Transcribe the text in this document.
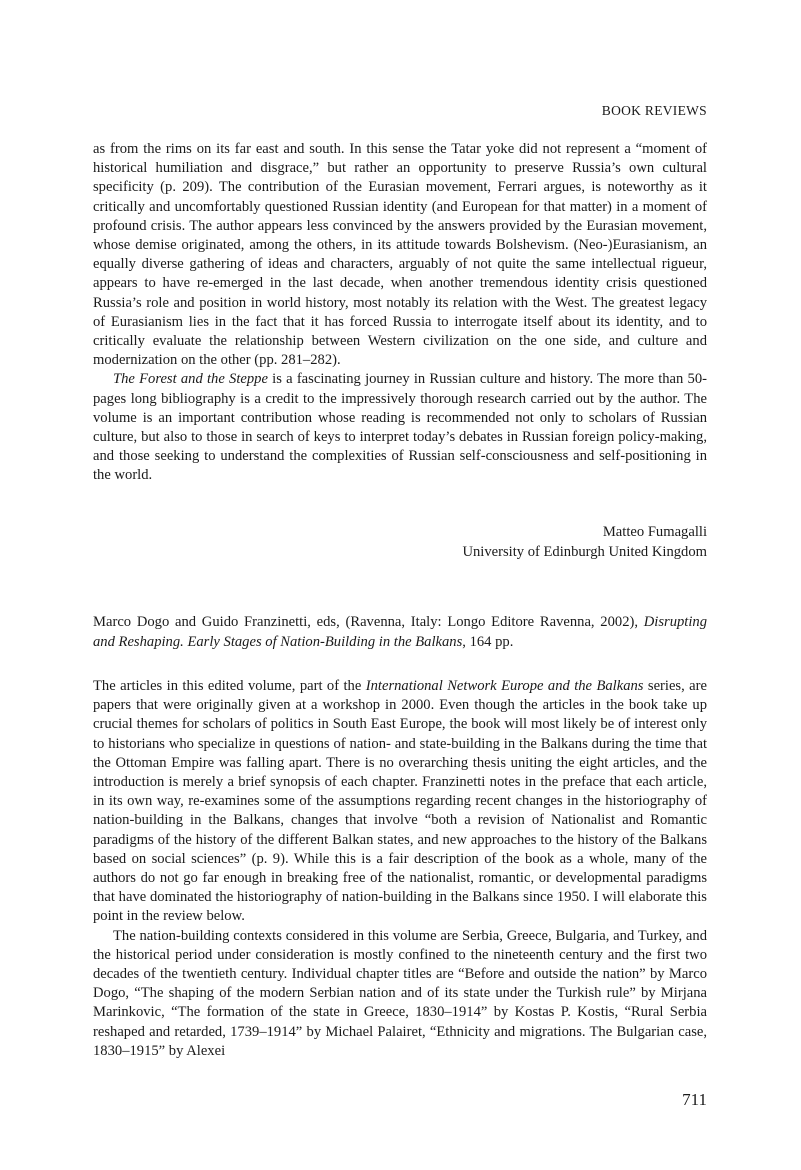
BOOK REVIEWS

as from the rims on its far east and south. In this sense the Tatar yoke did not represent a “moment of historical humiliation and disgrace,” but rather an opportunity to preserve Russia’s own cultural specificity (p. 209). The contribution of the Eurasian movement, Ferrari argues, is noteworthy as it critically and uncomfortably questioned Russian identity (and European for that matter) in a moment of profound crisis. The author appears less convinced by the answers provided by the Eurasian movement, whose demise originated, among the others, in its attitude towards Bolshevism. (Neo-)Eurasianism, an equally diverse gathering of ideas and characters, arguably of not quite the same intellectual rigueur, appears to have re-emerged in the last decade, when another tremendous identity crisis questioned Russia’s role and position in world history, most notably its relation with the West. The greatest legacy of Eurasianism lies in the fact that it has forced Russia to interrogate itself about its identity, and to critically evaluate the relationship between Western civilization on the one side, and culture and modernization on the other (pp. 281–282).

The Forest and the Steppe is a fascinating journey in Russian culture and history. The more than 50-pages long bibliography is a credit to the impressively thorough research carried out by the author. The volume is an important contribution whose reading is recommended not only to scholars of Russian culture, but also to those in search of keys to interpret today’s debates in Russian foreign policy-making, and those seeking to understand the complexities of Russian self-consciousness and self-positioning in the world.

Matteo Fumagalli
University of Edinburgh United Kingdom
Marco Dogo and Guido Franzinetti, eds, (Ravenna, Italy: Longo Editore Ravenna, 2002), Disrupting and Reshaping. Early Stages of Nation-Building in the Balkans, 164 pp.

The articles in this edited volume, part of the International Network Europe and the Balkans series, are papers that were originally given at a workshop in 2000. Even though the articles in the book take up crucial themes for scholars of politics in South East Europe, the book will most likely be of interest only to historians who specialize in questions of nation- and state-building in the Balkans during the time that the Ottoman Empire was falling apart. There is no overarching thesis uniting the eight articles, and the introduction is merely a brief synopsis of each chapter. Franzinetti notes in the preface that each article, in its own way, re-examines some of the assumptions regarding recent changes in the historiography of nation-building in the Balkans, changes that involve “both a revision of Nationalist and Romantic paradigms of the history of the different Balkan states, and new approaches to the history of the Balkans based on social sciences” (p. 9). While this is a fair description of the book as a whole, many of the authors do not go far enough in breaking free of the nationalist, romantic, or developmental paradigms that have dominated the historiography of nation-building in the Balkans since 1950. I will elaborate this point in the review below.

The nation-building contexts considered in this volume are Serbia, Greece, Bulgaria, and Turkey, and the historical period under consideration is mostly confined to the nineteenth century and the first two decades of the twentieth century. Individual chapter titles are “Before and outside the nation” by Marco Dogo, “The shaping of the modern Serbian nation and of its state under the Turkish rule” by Mirjana Marinkovic, “The formation of the state in Greece, 1830–1914” by Kostas P. Kostis, “Rural Serbia reshaped and retarded, 1739–1914” by Michael Palairet, “Ethnicity and migrations. The Bulgarian case, 1830–1915” by Alexei

711
